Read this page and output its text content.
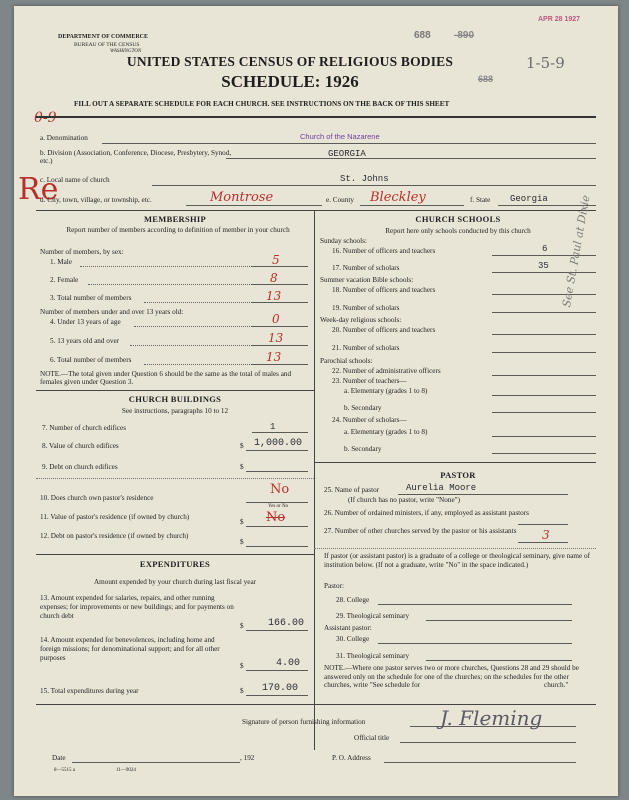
DEPARTMENT OF COMMERCE
BUREAU OF THE CENSUS
WASHINGTON
APR 28 1927
688 -890
688
1-5-9
0-9
UNITED STATES CENSUS OF RELIGIOUS BODIES
SCHEDULE: 1926
FILL OUT A SEPARATE SCHEDULE FOR EACH CHURCH. SEE INSTRUCTIONS ON THE BACK OF THIS SHEET
a. Denomination	Church of the Nazarene
b. Division (Association, Conference, Diocese, Presbytery, Synod, etc.)
GEORGIA
c. Local name of church	St. Johns
Re
d. City, town, village, or township, etc.	Montrose	e. County Bleckley	f. State Georgia
MEMBERSHIP
Report number of members according to definition of member in your church
Number of members, by sex:
1. Male	5
2. Female	8
3. Total number of members	13
Number of members under and over 13 years old:
4. Under 13 years of age	0
5. 13 years old and over	13
6. Total number of members	13
NOTE.—The total given under Question 6 should be the same as the total of males and females given under Question 3.
CHURCH BUILDINGS
See instructions, paragraphs 10 to 12
7. Number of church edifices	1
8. Value of church edifices	$ 1,000.00
9. Debt on church edifices	$
10. Does church own pastor's residence
No
Yes or No
11. Value of pastor's residence (if owned by church)
$ No
12. Debt on pastor's residence (if owned by church)
$
EXPENDITURES
Amount expended by your church during last fiscal year
13. Amount expended for salaries, repairs, and other running expenses; for improvements or new buildings; and for payments on church debt
$ 166.00
14. Amount expended for benevolences, including home and foreign missions; for denominational support; and for all other purposes
$	4.00
15. Total expenditures during year	$ 170.00
CHURCH SCHOOLS
Report here only schools conducted by this church
Sunday schools:
16. Number of officers and teachers	6
17. Number of scholars	35
Summer vacation Bible schools:
18. Number of officers and teachers
19. Number of scholars
Week-day religious schools:
20. Number of officers and teachers
21. Number of scholars
Parochial schools:
22. Number of administrative officers
23. Number of teachers—
a. Elementary (grades 1 to 8)
b. Secondary
24. Number of scholars—
a. Elementary (grades 1 to 8)
b. Secondary
PASTOR
25. Name of pastor	Aurelia Moore
(If church has no pastor, write "None")
26. Number of ordained ministers, if any, employed as assistant pastors
27. Number of other churches served by the pastor or his assistants	3
If pastor (or assistant pastor) is a graduate of a college or theological seminary, give name of institution below. (If not a graduate, write "No" in the space indicated.)
Pastor:
28. College
29. Theological seminary
Assistant pastor:
30. College
31. Theological seminary
NOTE.—Where one pastor serves two or more churches, Questions 28 and 29 should be answered only on the schedule for one of the churches; on the schedules for the other churches, write "See schedule for	church."
See St. Paul at Dixie
Signature of person furnishing information	J. Fleming
Official title
Date	, 192	P. O. Address
8—5515 a	11—9024
